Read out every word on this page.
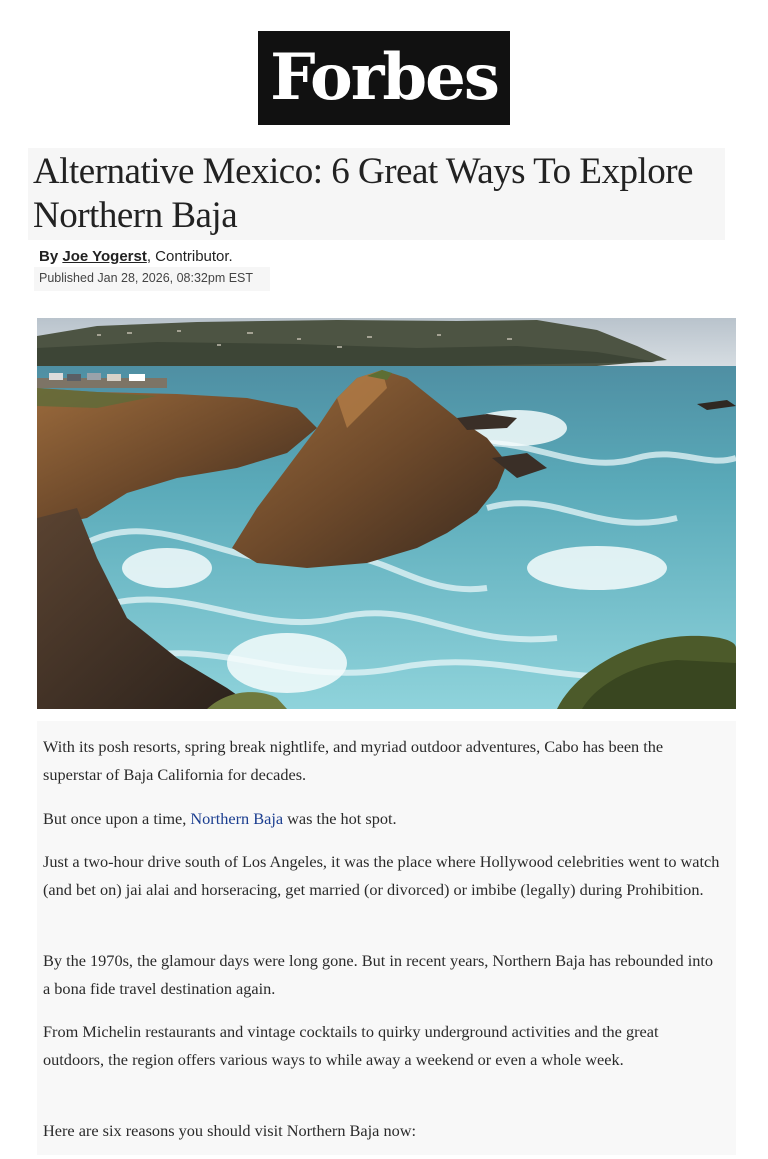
Forbes
Alternative Mexico: 6 Great Ways To Explore Northern Baja
By Joe Yogerst, Contributor.
Published Jan 28, 2026, 08:32pm EST

With its posh resorts, spring break nightlife, and myriad outdoor adventures, Cabo has been the superstar of Baja California for decades.

But once upon a time, Northern Baja was the hot spot.

Just a two-hour drive south of Los Angeles, it was the place where Hollywood celebrities went to watch (and bet on) jai alai and horseracing, get married (or divorced) or imbibe (legally) during Prohibition.

By the 1970s, the glamour days were long gone. But in recent years, Northern Baja has rebounded into a bona fide travel destination again.

From Michelin restaurants and vintage cocktails to quirky underground activities and the great outdoors, the region offers various ways to while away a weekend or even a whole week.

Here are six reasons you should visit Northern Baja now:
